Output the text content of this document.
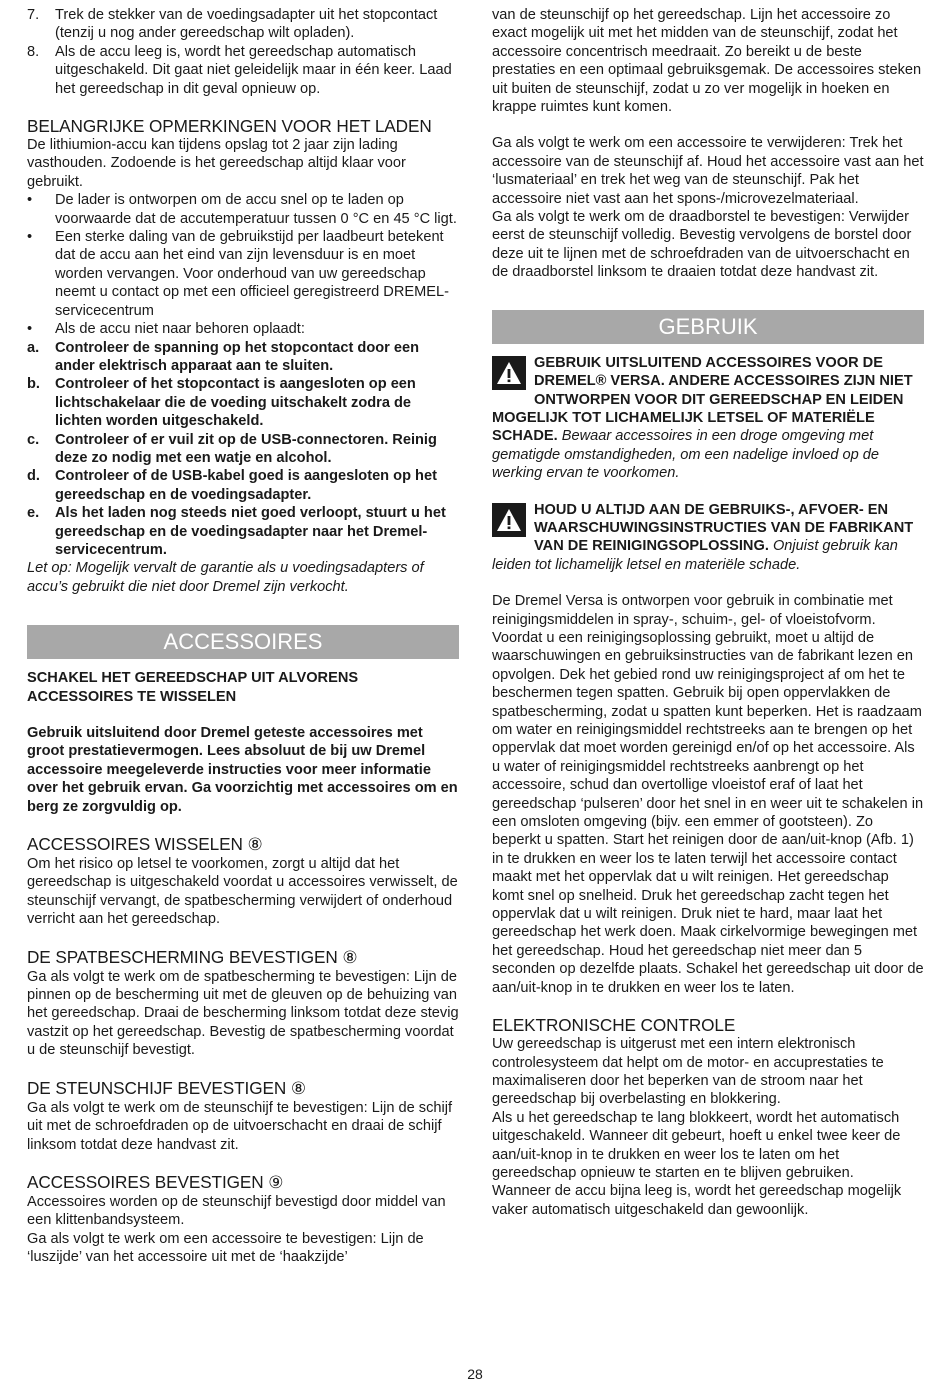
7.	Trek de stekker van de voedingsadapter uit het stopcontact (tenzij u nog ander gereedschap wilt opladen).
8.	Als de accu leeg is, wordt het gereedschap automatisch uitgeschakeld. Dit gaat niet geleidelijk maar in één keer. Laad het gereedschap in dit geval opnieuw op.
BELANGRIJKE OPMERKINGEN VOOR HET LADEN

De lithiumion-accu kan tijdens opslag tot 2 jaar zijn lading vasthouden. Zodoende is het gereedschap altijd klaar voor gebruikt.

•	De lader is ontworpen om de accu snel op te laden op voorwaarde dat de accutemperatuur tussen 0 °C en 45 °C ligt.
•	Een sterke daling van de gebruikstijd per laadbeurt betekent dat de accu aan het eind van zijn levensduur is en moet worden vervangen. Voor onderhoud van uw gereedschap neemt u contact op met een officieel geregistreerd DREMEL-servicecentrum
•	Als de accu niet naar behoren oplaadt:
a.	Controleer de spanning op het stopcontact door een ander elektrisch apparaat aan te sluiten.
b.	Controleer of het stopcontact is aangesloten op een lichtschakelaar die de voeding uitschakelt zodra de lichten worden uitgeschakeld.
c.	Controleer of er vuil zit op de USB-connectoren. Reinig deze zo nodig met een watje en alcohol.
d.	Controleer of de USB-kabel goed is aangesloten op het gereedschap en de voedingsadapter.
e.	Als het laden nog steeds niet goed verloopt, stuurt u het gereedschap en de voedingsadapter naar het Dremel-servicecentrum.

Let op: Mogelijk vervalt de garantie als u voedingsadapters of accu’s gebruikt die niet door Dremel zijn verkocht.

ACCESSOIRES

SCHAKEL HET GEREEDSCHAP UIT ALVORENS ACCESSOIRES TE WISSELEN

Gebruik uitsluitend door Dremel geteste accessoires met groot prestatievermogen. Lees absoluut de bij uw Dremel accessoire meegeleverde instructies voor meer informatie over het gebruik ervan. Ga voorzichtig met accessoires om en berg ze zorgvuldig op.

ACCESSOIRES WISSELEN ⑧

Om het risico op letsel te voorkomen, zorgt u altijd dat het gereedschap is uitgeschakeld voordat u accessoires verwisselt, de steunschijf vervangt, de spatbescherming verwijdert of onderhoud verricht aan het gereedschap.

DE SPATBESCHERMING BEVESTIGEN ⑧

Ga als volgt te werk om de spatbescherming te bevestigen: Lijn de pinnen op de bescherming uit met de gleuven op de behuizing van het gereedschap. Draai de bescherming linksom totdat deze stevig vastzit op het gereedschap. Bevestig de spatbescherming voordat u de steunschijf bevestigt.

DE STEUNSCHIJF BEVESTIGEN ⑧

Ga als volgt te werk om de steunschijf te bevestigen: Lijn de schijf uit met de schroefdraden op de uitvoerschacht en draai de schijf linksom totdat deze handvast zit.

ACCESSOIRES BEVESTIGEN ⑨

Accessoires worden op de steunschijf bevestigd door middel van een klittenbandsysteem.

Ga als volgt te werk om een accessoire te bevestigen: Lijn de ‘luszijde’ van het accessoire uit met de ‘haakzijde’

van de steunschijf op het gereedschap. Lijn het accessoire zo exact mogelijk uit met het midden van de steunschijf, zodat het accessoire concentrisch meedraait. Zo bereikt u de beste prestaties en een optimaal gebruiksgemak. De accessoires steken uit buiten de steunschijf, zodat u zo ver mogelijk in hoeken en krappe ruimtes kunt komen.

Ga als volgt te werk om een accessoire te verwijderen: Trek het accessoire van de steunschijf af. Houd het accessoire vast aan het ‘lusmateriaal’ en trek het weg van de steunschijf. Pak het accessoire niet vast aan het spons-/microvezelmateriaal.

Ga als volgt te werk om de draadborstel te bevestigen: Verwijder eerst de steunschijf volledig. Bevestig vervolgens de borstel door deze uit te lijnen met de schroefdraden van de uitvoerschacht en de draadborstel linksom te draaien totdat deze handvast zit.

GEBRUIK
GEBRUIK UITSLUITEND ACCESSOIRES VOOR DE DREMEL® VERSA. ANDERE ACCESSOIRES ZIJN NIET ONTWORPEN VOOR DIT GEREEDSCHAP EN LEIDEN MOGELIJK TOT LICHAMELIJK LETSEL OF MATERIËLE SCHADE. Bewaar accessoires in een droge omgeving met gematigde omstandigheden, om een nadelige invloed op de werking ervan te voorkomen.
HOUD U ALTIJD AAN DE GEBRUIKS-, AFVOER- EN WAARSCHUWINGSINSTRUCTIES VAN DE FABRIKANT VAN DE REINIGINGSOPLOSSING. Onjuist gebruik kan leiden tot lichamelijk letsel en materiële schade.

De Dremel Versa is ontworpen voor gebruik in combinatie met reinigingsmiddelen in spray-, schuim-, gel- of vloeistofvorm. Voordat u een reinigingsoplossing gebruikt, moet u altijd de waarschuwingen en gebruiksinstructies van de fabrikant lezen en opvolgen. Dek het gebied rond uw reinigingsproject af om het te beschermen tegen spatten. Gebruik bij open oppervlakken de spatbescherming, zodat u spatten kunt beperken. Het is raadzaam om water en reinigingsmiddel rechtstreeks aan te brengen op het oppervlak dat moet worden gereinigd en/of op het accessoire. Als u water of reinigingsmiddel rechtstreeks aanbrengt op het accessoire, schud dan overtollige vloeistof eraf of laat het gereedschap ‘pulseren’ door het snel in en weer uit te schakelen in een omsloten omgeving (bijv. een emmer of gootsteen). Zo beperkt u spatten. Start het reinigen door de aan/uit-knop (Afb. 1) in te drukken en weer los te laten terwijl het accessoire contact maakt met het oppervlak dat u wilt reinigen. Het gereedschap komt snel op snelheid. Druk het gereedschap zacht tegen het oppervlak dat u wilt reinigen. Druk niet te hard, maar laat het gereedschap het werk doen. Maak cirkelvormige bewegingen met het gereedschap. Houd het gereedschap niet meer dan 5 seconden op dezelfde plaats. Schakel het gereedschap uit door de aan/uit-knop in te drukken en weer los te laten.

ELEKTRONISCHE CONTROLE

Uw gereedschap is uitgerust met een intern elektronisch controlesysteem dat helpt om de motor- en accuprestaties te maximaliseren door het beperken van de stroom naar het gereedschap bij overbelasting en blokkering.

Als u het gereedschap te lang blokkeert, wordt het automatisch uitgeschakeld. Wanneer dit gebeurt, hoeft u enkel twee keer de aan/uit-knop in te drukken en weer los te laten om het gereedschap opnieuw te starten en te blijven gebruiken.

Wanneer de accu bijna leeg is, wordt het gereedschap mogelijk vaker automatisch uitgeschakeld dan gewoonlijk.

28
